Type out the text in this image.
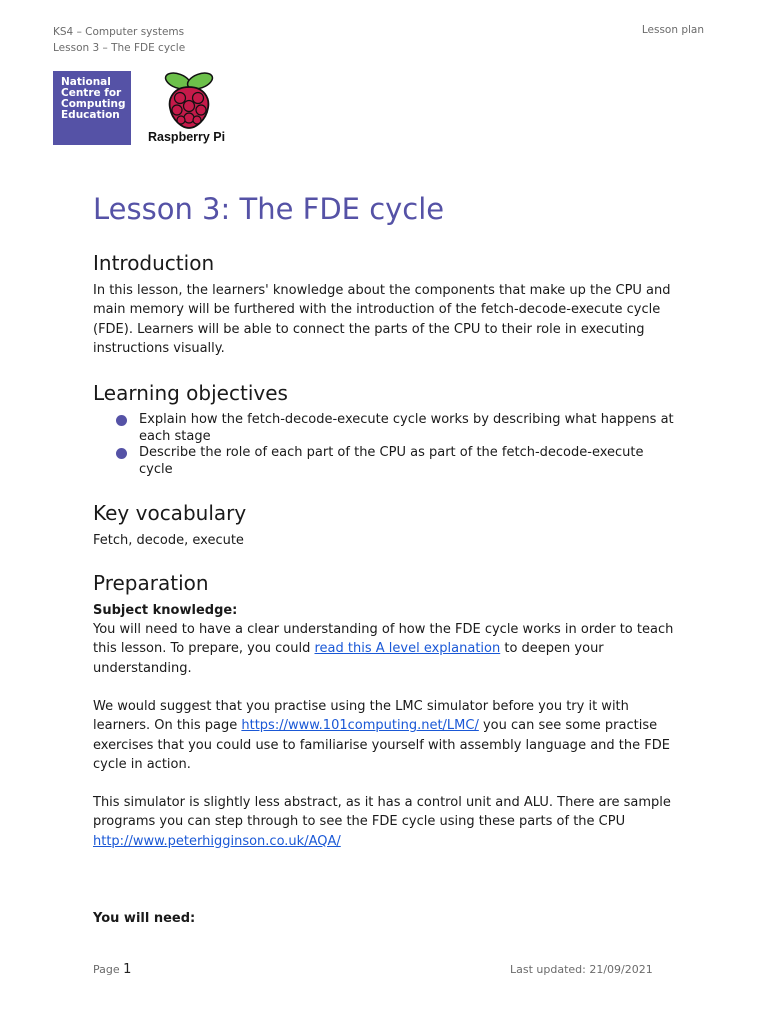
KS4 – Computer systems
Lesson 3 – The FDE cycle
Lesson plan
National
Centre for
Computing
Education
Raspberry Pi
Lesson 3: The FDE cycle
Introduction
In this lesson, the learners' knowledge about the components that make up the CPU and main memory will be furthered with the introduction of the fetch-decode-execute cycle (FDE). Learners will be able to connect the parts of the CPU to their role in executing instructions visually.
Learning objectives
Explain how the fetch-decode-execute cycle works by describing what happens at each stage
Describe the role of each part of the CPU as part of the fetch-decode-execute cycle
Key vocabulary
Fetch, decode, execute
Preparation
Subject knowledge:
You will need to have a clear understanding of how the FDE cycle works in order to teach this lesson. To prepare, you could read this A level explanation to deepen your understanding.
We would suggest that you practise using the LMC simulator before you try it with learners. On this page https://www.101computing.net/LMC/ you can see some practise exercises that you could use to familiarise yourself with assembly language and the FDE cycle in action.
This simulator is slightly less abstract, as it has a control unit and ALU. There are sample programs you can step through to see the FDE cycle using these parts of the CPU http://www.peterhigginson.co.uk/AQA/
You will need:
Page 1	Last updated: 21/09/2021
